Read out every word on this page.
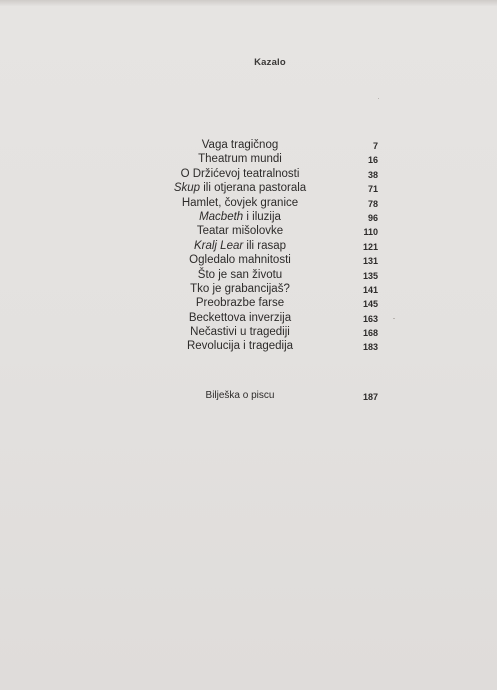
Kazalo
Vaga tragičnog	7
Theatrum mundi	16
O Držićevoj teatralnosti	38
Skup ili otjerana pastorala	71
Hamlet, čovjek granice	78
Macbeth i iluzija	96
Teatar mišolovke	110
Kralj Lear ili rasap	121
Ogledalo mahnitosti	131
Što je san životu	135
Tko je grabancijaš?	141
Preobrazbe farse	145
Beckettova inverzija	163
Nečastivi u tragediji	168
Revolucija i tragedija	183
Bilješka o piscu	187
